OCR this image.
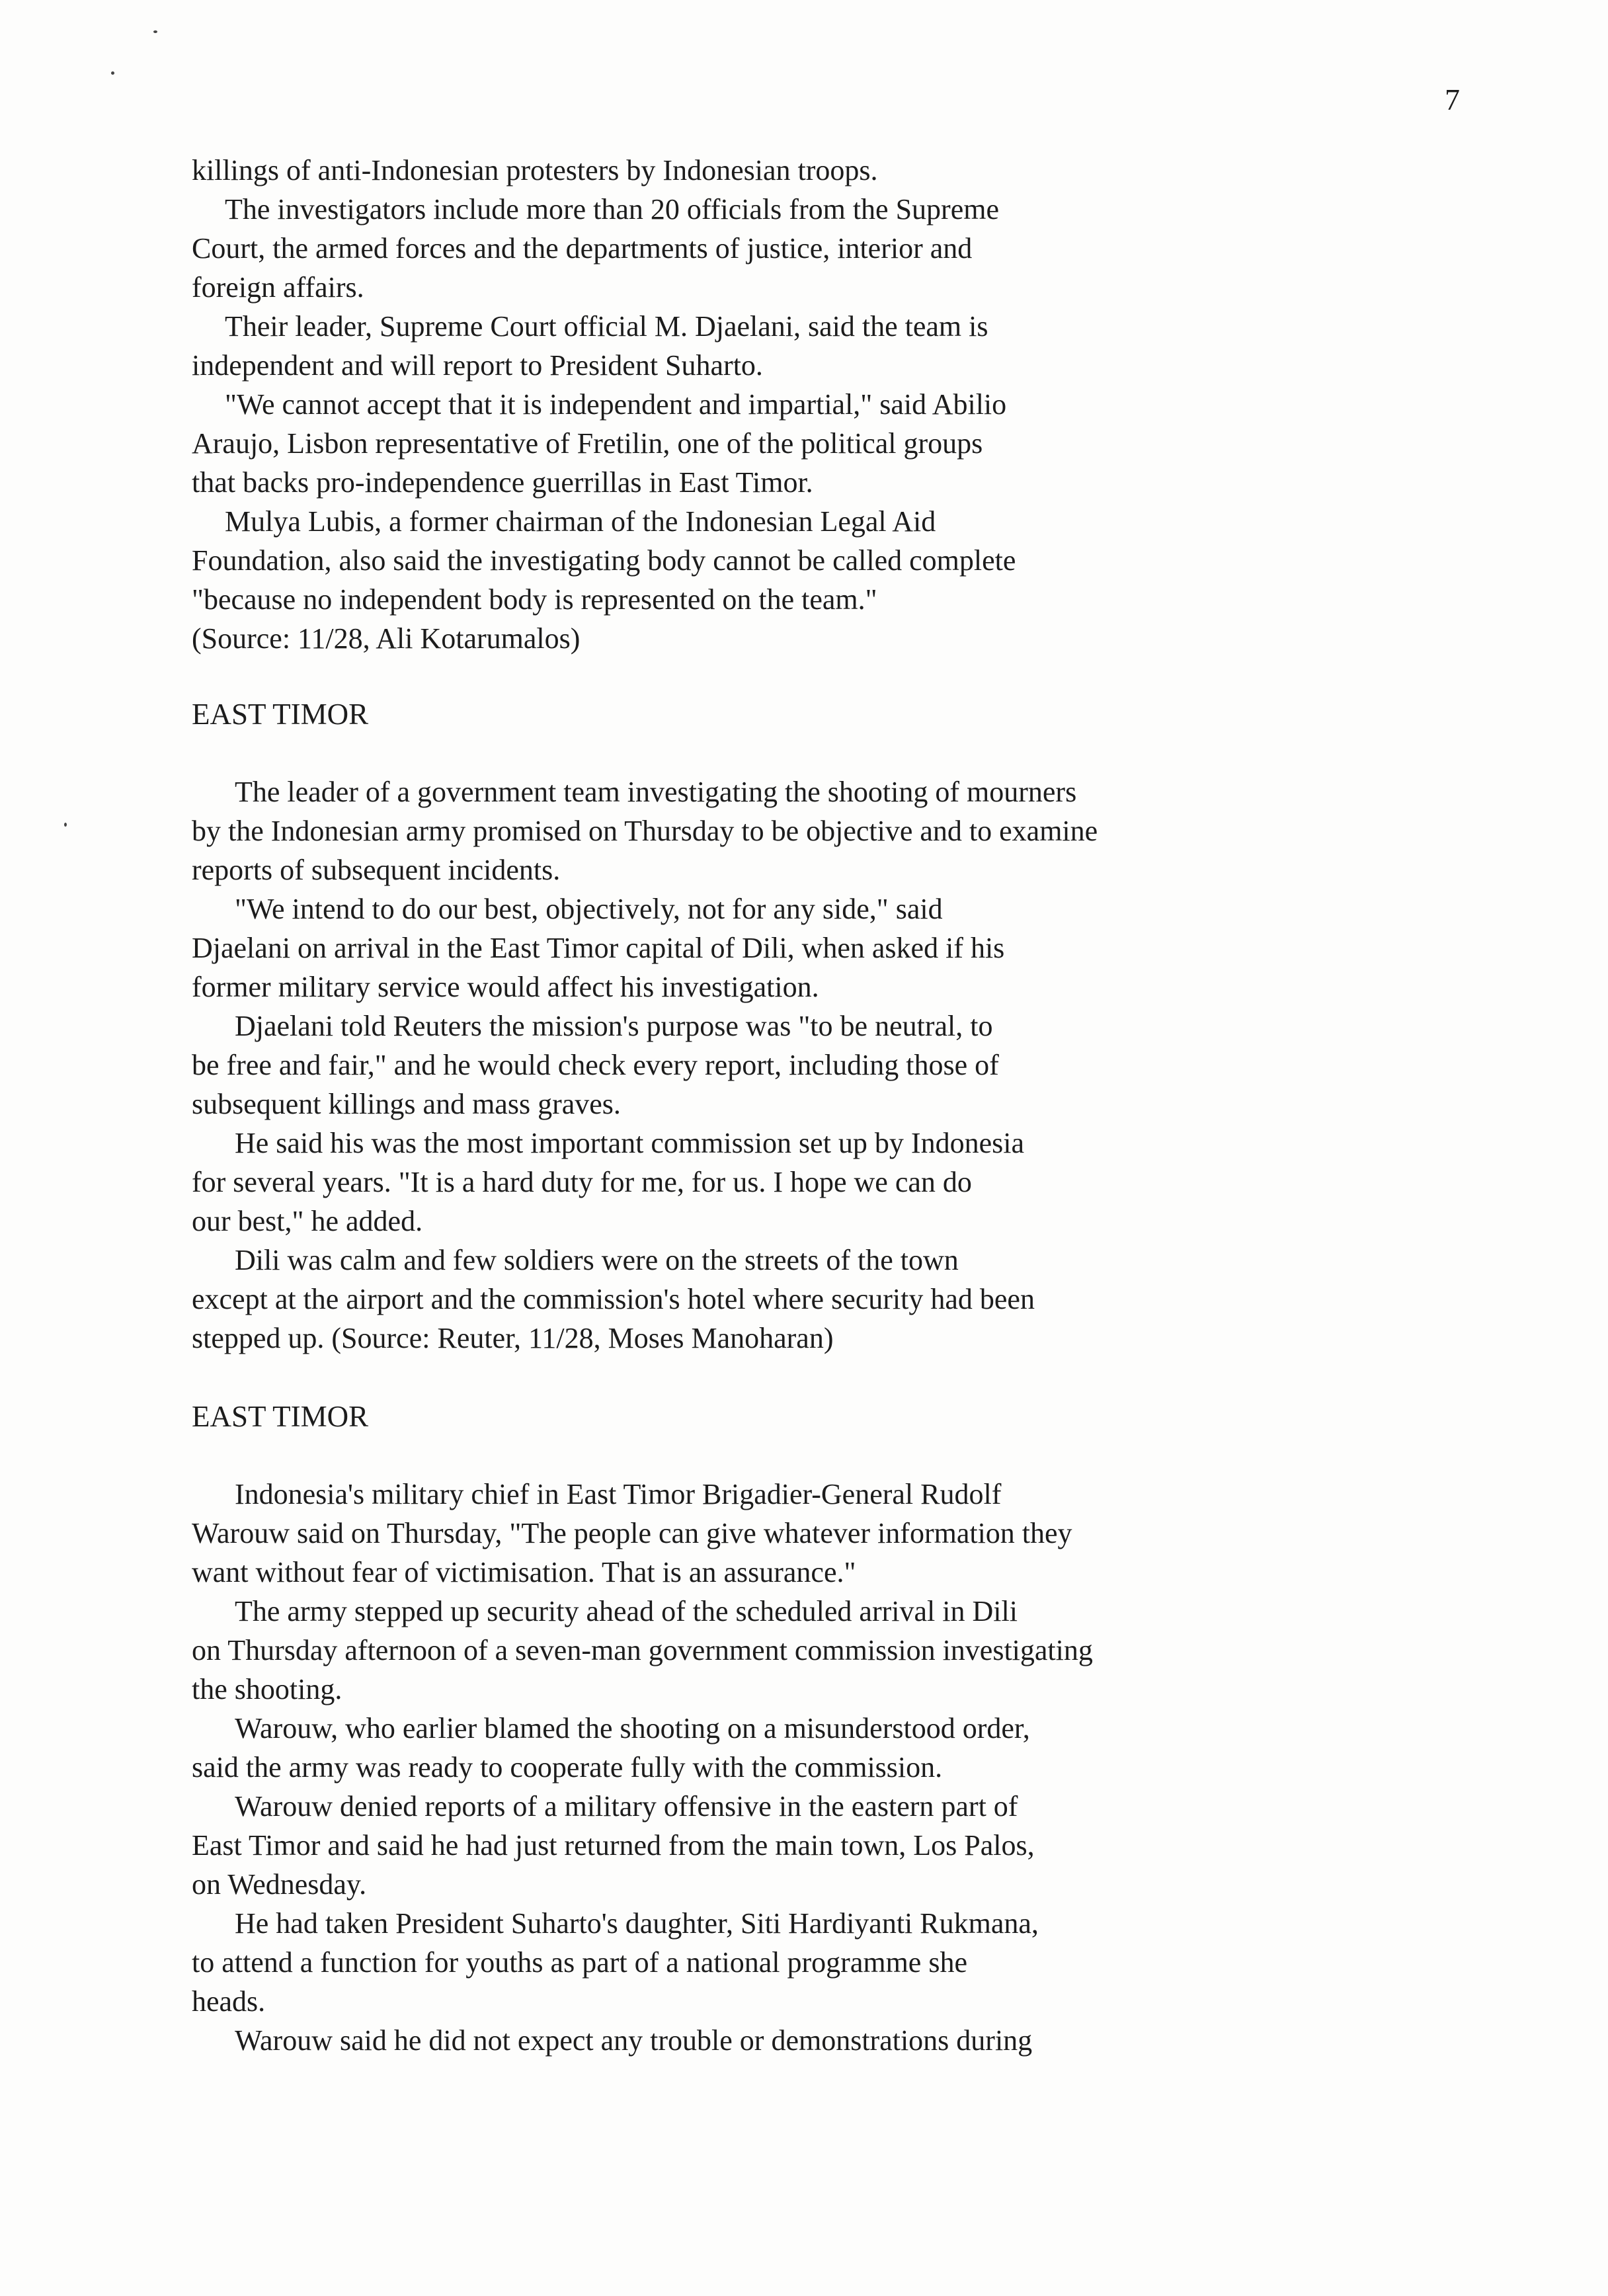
7
killings of anti-Indonesian protesters by Indonesian troops.
The investigators include more than 20 officials from the Supreme
Court, the armed forces and the departments of justice, interior and
foreign affairs.
Their leader, Supreme Court official M. Djaelani, said the team is
independent and will report to President Suharto.
"We cannot accept that it is independent and impartial," said Abilio
Araujo, Lisbon representative of Fretilin, one of the political groups
that backs pro-independence guerrillas in East Timor.
Mulya Lubis, a former chairman of the Indonesian Legal Aid
Foundation, also said the investigating body cannot be called complete
"because no independent body is represented on the team."
(Source: 11/28, Ali Kotarumalos)
EAST TIMOR
The leader of a government team investigating the shooting of mourners
by the Indonesian army promised on Thursday to be objective and to examine
reports of subsequent incidents.
"We intend to do our best, objectively, not for any side," said
Djaelani on arrival in the East Timor capital of Dili, when asked if his
former military service would affect his investigation.
Djaelani told Reuters the mission's purpose was "to be neutral, to
be free and fair," and he would check every report, including those of
subsequent killings and mass graves.
He said his was the most important commission set up by Indonesia
for several years. "It is a hard duty for me, for us. I hope we can do
our best," he added.
Dili was calm and few soldiers were on the streets of the town
except at the airport and the commission's hotel where security had been
stepped up. (Source: Reuter, 11/28, Moses Manoharan)
EAST TIMOR
Indonesia's military chief in East Timor Brigadier-General Rudolf
Warouw said on Thursday, "The people can give whatever information they
want without fear of victimisation. That is an assurance."
The army stepped up security ahead of the scheduled arrival in Dili
on Thursday afternoon of a seven-man government commission investigating
the shooting.
Warouw, who earlier blamed the shooting on a misunderstood order,
said the army was ready to cooperate fully with the commission.
Warouw denied reports of a military offensive in the eastern part of
East Timor and said he had just returned from the main town, Los Palos,
on Wednesday.
He had taken President Suharto's daughter, Siti Hardiyanti Rukmana,
to attend a function for youths as part of a national programme she
heads.
Warouw said he did not expect any trouble or demonstrations during
